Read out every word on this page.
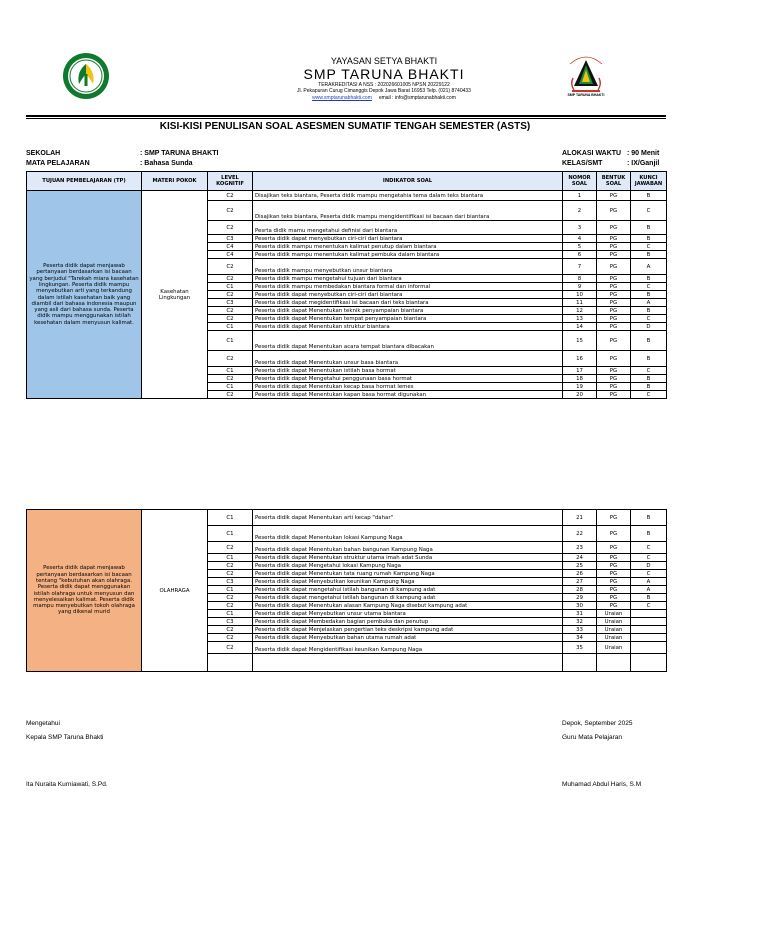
SMP TARUNA BHAKTI
YAYASAN SETYA BHAKTI
SMP TARUNA BHAKTI
TERAKREDITASI A NSS : 202026601005 NPSN 20229122
Jl. Pekapuran Curug Cimanggis Depok Jawa Barat 16953 Telp. (021) 8740433
www.smptarunabhakti.com email : info@smptarunabhakti.com
KISI-KISI PENULISAN SOAL ASESMEN SUMATIF TENGAH SEMESTER (ASTS)
SEKOLAH	: SMP TARUNA BHAKTI
MATA PELAJARAN	: Bahasa Sunda
ALOKASI WAKTU : 90 Menit
KELAS/SMT	: IX/Ganjil
TUJUAN PEMBELAJARAN (TP)	MATERI POKOK	LEVEL KOGNITIF	INDIKATOR SOAL	NOMOR SOAL	BENTUK SOAL	KUNCI JAWABAN
Peserta didik dapat menjawab pertanyaan berdasarkan isi bacaan yang berjudul "Tarekah miara kasehatan lingkungan. Peserta didik mampu menyebutkan arti yang terkandung dalam istilah kasehatan baik yang diambil dari bahasa indonesia maupun yang asli dari bahasa sunda. Peserta didik mampu menggunakan istilah kesehatan dalam menyusun kalimat.	Kasehatan Lingkungan	C2	Disajikan teks biantara, Peserta didik mampu mengetahia tema dalam teks biantara	1	PG	B
		C2	Disajikan teks biantara, Peserta didik mampu mengidentifikasi isi bacaan dari biantara	2	PG	C
		C2	Pesrta didik mamu mengetahui definisi dari biantara	3	PG	B
		C3	Peserta didik dapat menyebutkan ciri-ciri dari biantara	4	PG	B
		C4	Peserta didik mampu menentukan kalimat penutup dalam biantara	5	PG	C
		C4	Peserta didik mampu menentukan kalimat pembuka dalam biantara	6	PG	B
		C2	Peserta didik mampu menyebutkan unsur biantara	7	PG	A
		C2	Peserta didik mampu mengetahui tujuan dari biantara	8	PG	B
		C1	Peserta didik mampu membedakan biantara formal dan informal	9	PG	C
		C2	Peserta didik dapat menyebutkan ciri-ciri dari biantara	10	PG	B
		C3	Peserta didik dapat megidentifikasi isi bacaan dari teks biantara	11	PG	A
		C2	Peserta didik dapat Menentukan teknik penyampaian biantara	12	PG	B
		C2	Peserta didik dapat Menentukan tempat penyampaian biantara	13	PG	C
		C1	Peserta didik dapat Menentukan struktur biantara	14	PG	D
		C1	Peserta didik dapat Menentukan acara tempat biantara dibacakan	15	PG	B
		C2	Peserta didik dapat Menentukan unsur basa biantara	16	PG	B
		C1	Peserta didik dapat Menentukan istilah basa hormat	17	PG	C
		C2	Peserta didik dapat Mengetahui penggunaan basa hormat	18	PG	B
		C1	Peserta didik dapat Menentukan kecap basa hormat lemes	19	PG	B
		C2	Peserta didik dapat Menentukan kapan basa hormat digunakan	20	PG	C
Peserta didik dapat menjawab pertanyaan berdasarkan isi bacaan tentang "kebutuhan akan olahraga. Peserta didik dapat menggunakan istilah olahraga untuk menyusun dan menyelesaikan kalimat. Peserta didik mampu menyebutkan tokoh olahraga yang dikenal murid	OLAHRAGA	C1	Peserta didik dapat Menentukan arti kecap "dahar"	21	PG	B
		C1	Peserta didik dapat Menentukan lokasi Kampung Naga	22	PG	B
		C2	Peserta didik dapat Menentukan bahan bangunan Kampung Naga	23	PG	C
		C1	Peserta didik dapat Menentukan struktur utama imah adat Sunda	24	PG	C
		C2	Peserta didik dapat Mengetahui lokasi Kampung Naga	25	PG	D
		C2	Peserta didik dapat Menentukan tata ruang rumah Kampung Naga	26	PG	C
		C3	Peserta didik dapat Menyebutkan keunikan Kampung Naga	27	PG	A
		C1	Peserta didik dapat mengetahui istilah bangunan di kampung adat	28	PG	A
		C2	Peserta didik dapat mengetahui istilah bangunan di kampung adat	29	PG	B
		C2	Peserta didik dapat Menentukan alasan Kampung Naga disebut kampung adat	30	PG	C
		C1	Peserta didik dapat Menyebutkan unsur utama biantara	31	Uraian	
		C3	Peserta didik dapat Membedakan bagian pembuka dan penutup	32	Uraian	
		C2	Peserta didik dapat Menjelaskan pengertian teks deskripsi kampung adat	33	Uraian	
		C2	Peserta didik dapat Menyebutkan bahan utama rumah adat	34	Uraian	
		C2	Peserta didik dapat Mengidentifikasi keunikan Kampung Naga	35	Uraian	

Mengetahui
Kepala SMP Taruna Bhakti
Ita Nuraita Kurniawati, S.Pd.
Depok, September 2025
Guru Mata Pelajaran
Muhamad Abdul Haris, S.M
